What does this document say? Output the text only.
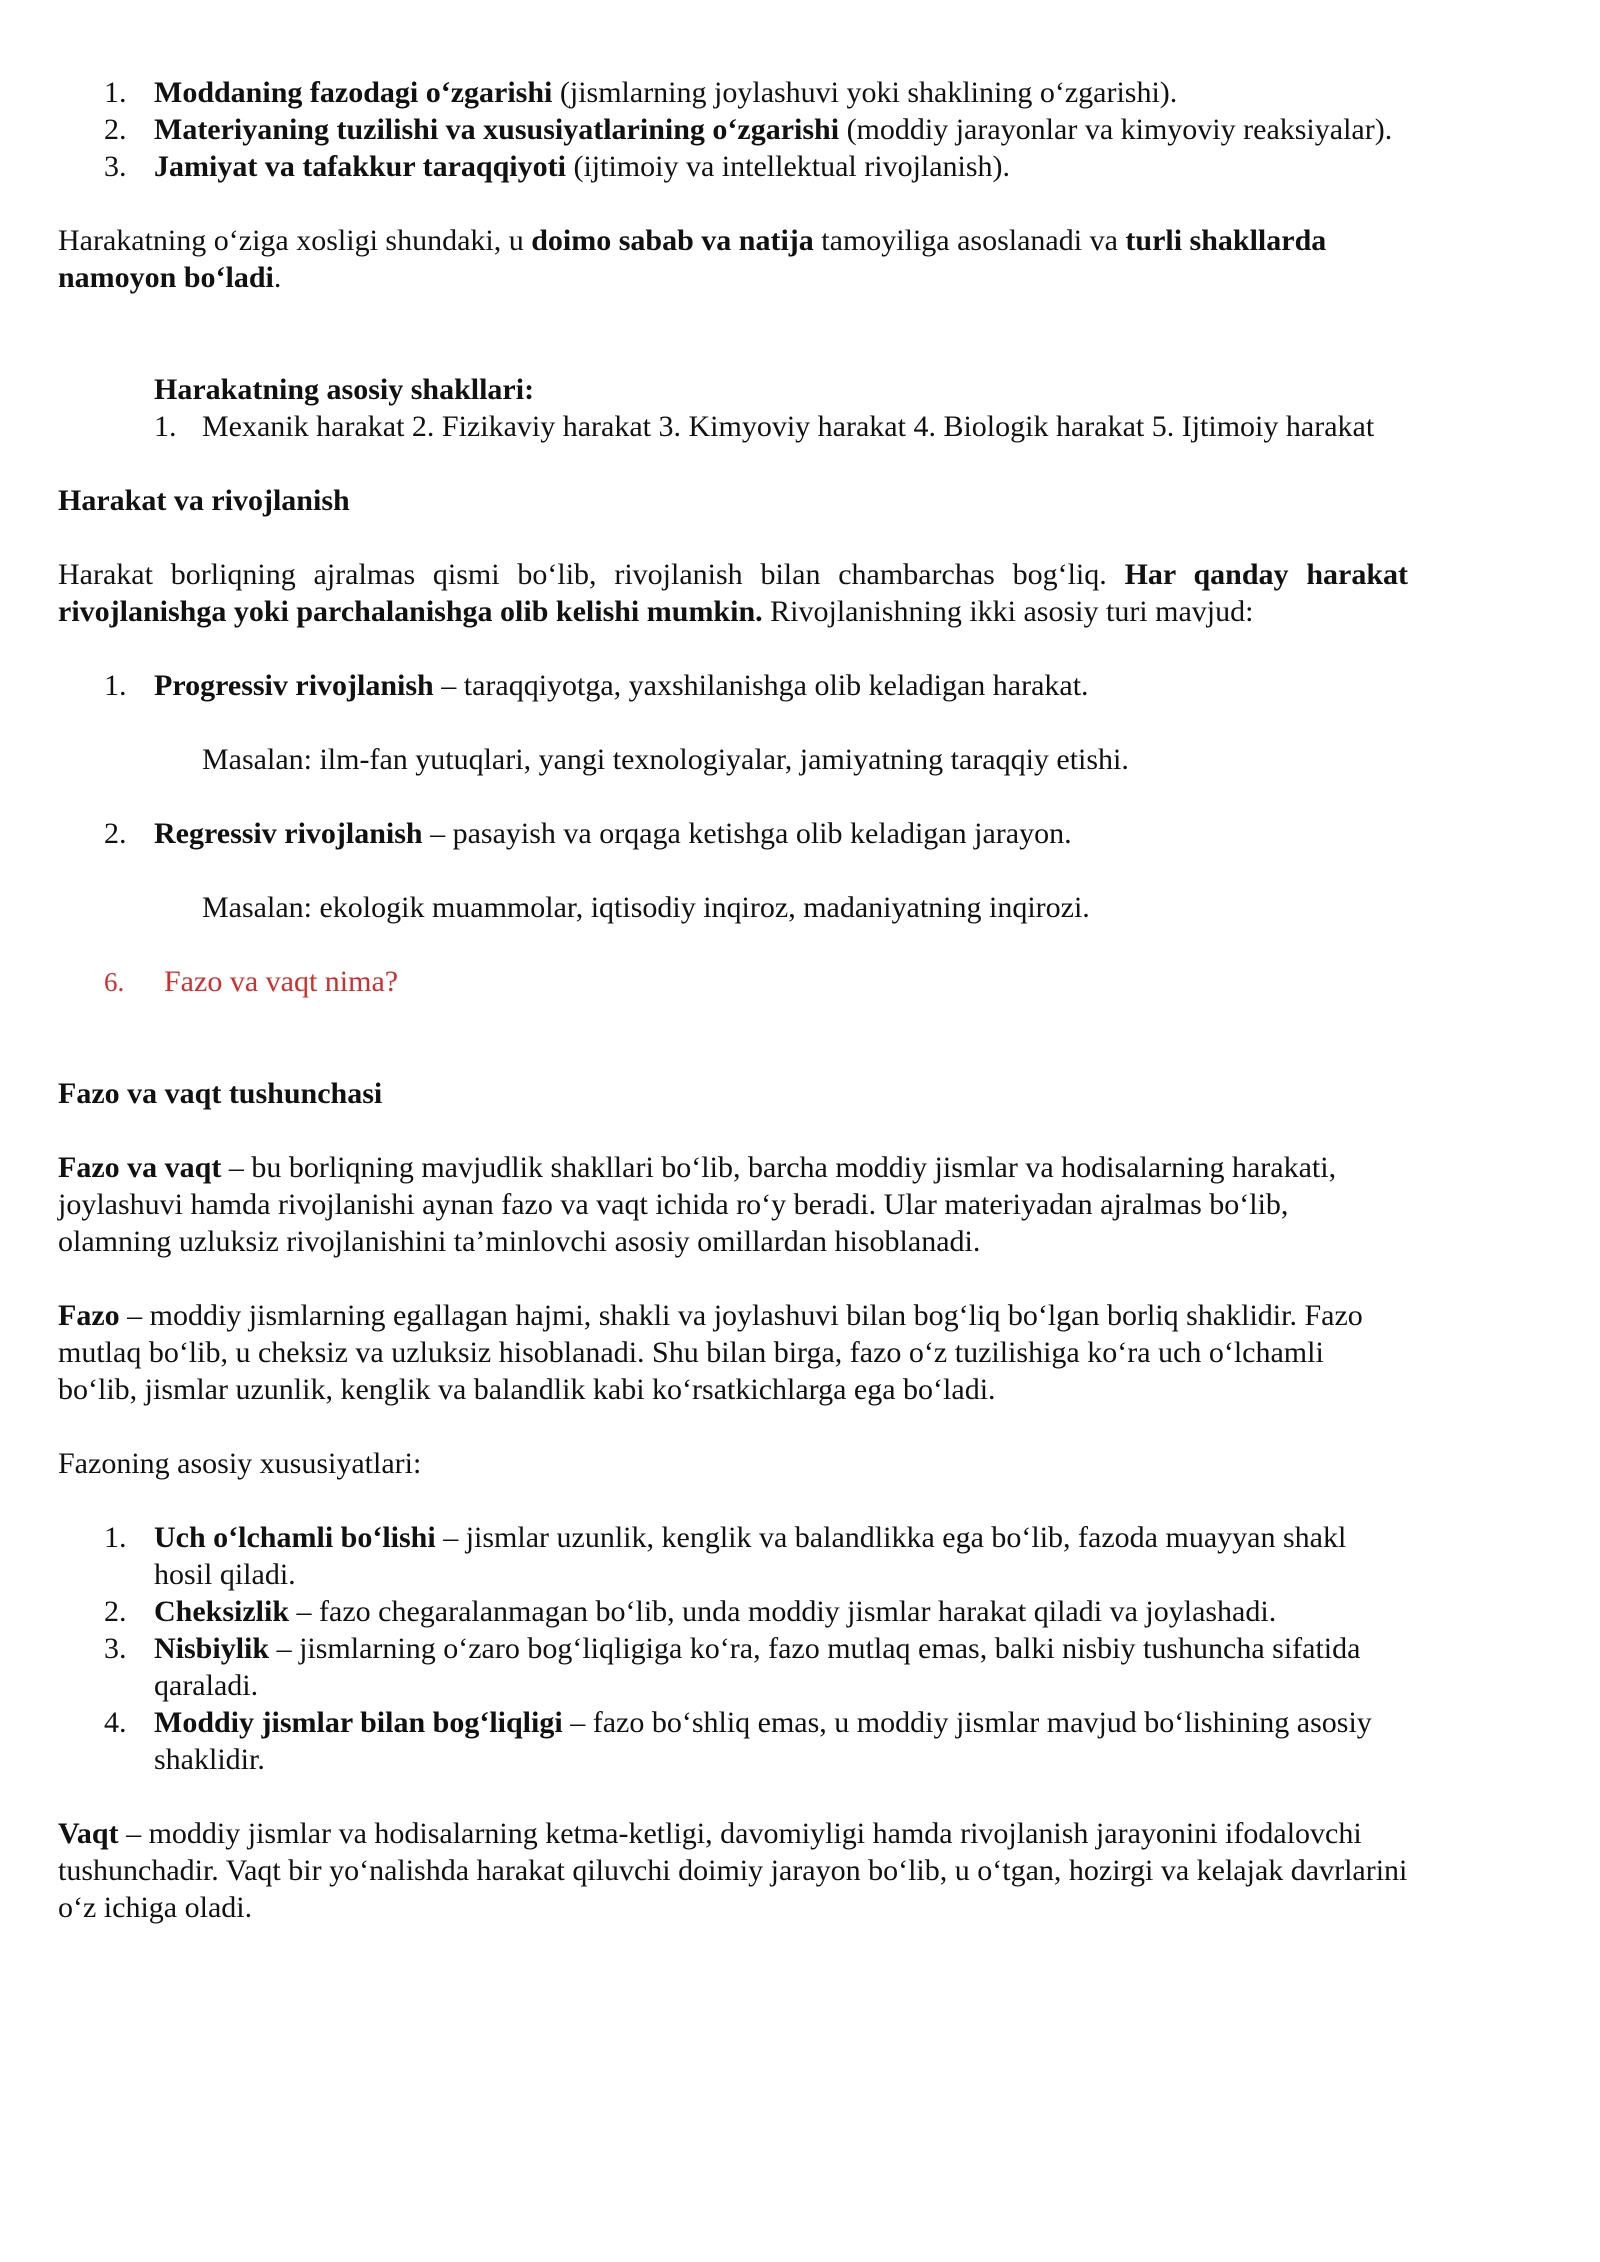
1. Moddaning fazodagi o‘zgarishi (jismlarning joylashuvi yoki shaklining o‘zgarishi).
2. Materiyaning tuzilishi va xususiyatlarining o‘zgarishi (moddiy jarayonlar va kimyoviy reaksiyalar).
3. Jamiyat va tafakkur taraqqiyoti (ijtimoiy va intellektual rivojlanish).

Harakatning o‘ziga xosligi shundaki, u doimo sabab va natija tamoyiliga asoslanadi va turli shakllarda namoyon bo‘ladi.

Harakatning asosiy shakllari:

1. Mexanik harakat 2. Fizikaviy harakat 3. Kimyoviy harakat 4. Biologik harakat 5. Ijtimoiy harakat

Harakat va rivojlanish

Harakat borliqning ajralmas qismi bo‘lib, rivojlanish bilan chambarchas bog‘liq. Har qanday harakat rivojlanishga yoki parchalanishga olib kelishi mumkin. Rivojlanishning ikki asosiy turi mavjud:

1. Progressiv rivojlanish – taraqqiyotga, yaxshilanishga olib keladigan harakat.

Masalan: ilm-fan yutuqlari, yangi texnologiyalar, jamiyatning taraqqiy etishi.

2. Regressiv rivojlanish – pasayish va orqaga ketishga olib keladigan jarayon.

Masalan: ekologik muammolar, iqtisodiy inqiroz, madaniyatning inqirozi.

6. Fazo va vaqt nima?

Fazo va vaqt tushunchasi

Fazo va vaqt – bu borliqning mavjudlik shakllari bo‘lib, barcha moddiy jismlar va hodisalarning harakati, joylashuvi hamda rivojlanishi aynan fazo va vaqt ichida ro‘y beradi. Ular materiyadan ajralmas bo‘lib, olamning uzluksiz rivojlanishini ta’minlovchi asosiy omillardan hisoblanadi.

Fazo – moddiy jismlarning egallagan hajmi, shakli va joylashuvi bilan bog‘liq bo‘lgan borliq shaklidir. Fazo mutlaq bo‘lib, u cheksiz va uzluksiz hisoblanadi. Shu bilan birga, fazo o‘z tuzilishiga ko‘ra uch o‘lchamli bo‘lib, jismlar uzunlik, kenglik va balandlik kabi ko‘rsatkichlarga ega bo‘ladi.

Fazoning asosiy xususiyatlari:

1. Uch o‘lchamli bo‘lishi – jismlar uzunlik, kenglik va balandlikka ega bo‘lib, fazoda muayyan shakl hosil qiladi.
2. Cheksizlik – fazo chegaralanmagan bo‘lib, unda moddiy jismlar harakat qiladi va joylashadi.
3. Nisbiylik – jismlarning o‘zaro bog‘liqligiga ko‘ra, fazo mutlaq emas, balki nisbiy tushuncha sifatida qaraladi.
4. Moddiy jismlar bilan bog‘liqligi – fazo bo‘shliq emas, u moddiy jismlar mavjud bo‘lishining asosiy shaklidir.

Vaqt – moddiy jismlar va hodisalarning ketma-ketligi, davomiyligi hamda rivojlanish jarayonini ifodalovchi tushunchadir. Vaqt bir yo‘nalishda harakat qiluvchi doimiy jarayon bo‘lib, u o‘tgan, hozirgi va kelajak davrlarini o‘z ichiga oladi.
